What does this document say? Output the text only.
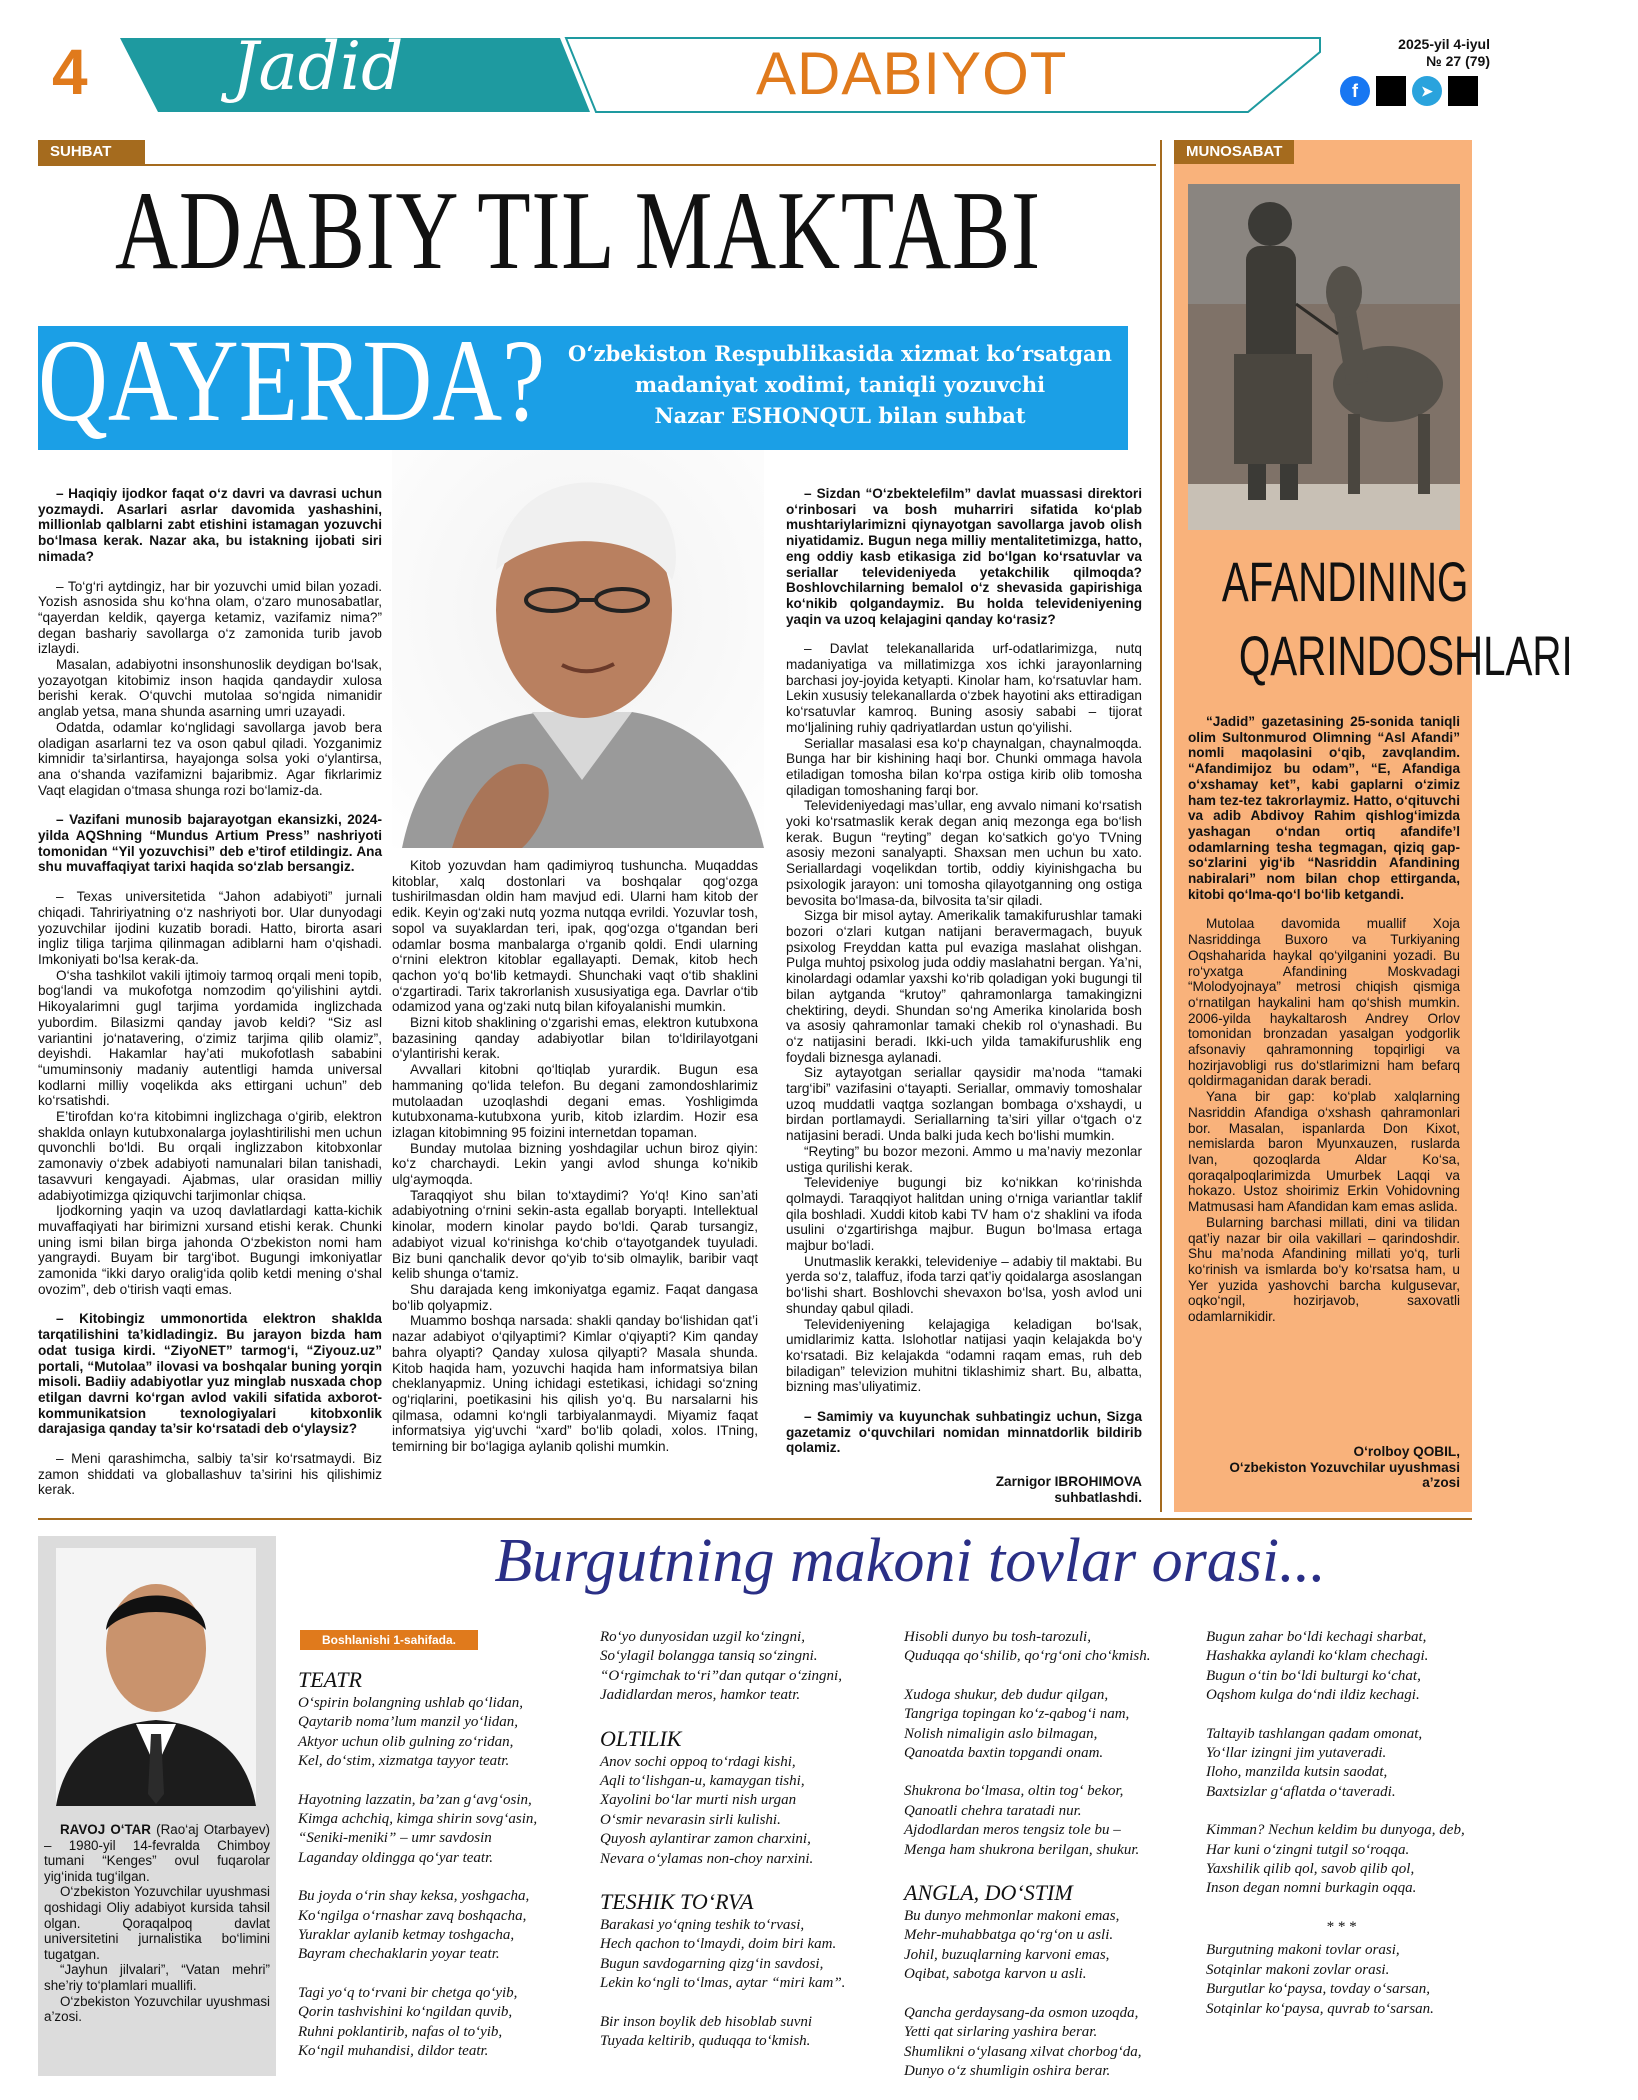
4 Jadid	ADABIYOT	2025-yil 4-iyul
№ 27 (79)
f	➤
SUHBAT
ADABIY TIL MAKTABI
QAYERDA?	O‘zbekiston Respublikasida xizmat ko‘rsatgan
madaniyat xodimi, taniqli yozuvchi
Nazar ESHONQUL bilan suhbat

– Haqiqiy ijodkor faqat o‘z davri va davrasi uchun yozmaydi. Asarlari asrlar davomida yashashini, millionlab qalblarni zabt etishini istamagan yozuvchi bo‘lmasa kerak. Nazar aka, bu istakning ijobati siri nimada?

– To‘g‘ri aytdingiz, har bir yozuvchi umid bilan yozadi. Yozish asnosida shu ko‘hna olam, o‘zaro munosabatlar, “qayerdan keldik, qayerga ketamiz, vazifamiz nima?” degan bashariy savollarga o‘z zamonida turib javob izlaydi.

Masalan, adabiyotni insonshunoslik deydigan bo‘lsak, yozayotgan kitobimiz inson haqida qandaydir xulosa berishi kerak. O‘quvchi mutolaa so‘ngida nimanidir anglab yetsa, mana shunda asarning umri uzayadi.

Odatda, odamlar ko‘nglidagi savollarga javob bera oladigan asarlarni tez va oson qabul qiladi. Yozganimiz kimnidir ta’sirlantirsa, hayajonga solsa yoki o‘ylantirsa, ana o‘shanda vazifamizni bajaribmiz. Agar fikrlarimiz Vaqt elagidan o‘tmasa shunga rozi bo‘lamiz-da.

– Vazifani munosib bajarayotgan ekansizki, 2024-yilda AQShning “Mundus Artium Press” nashriyoti tomonidan “Yil yozuvchisi” deb e’tirof etildingiz. Ana shu muvaffaqiyat tarixi haqida so‘zlab bersangiz.

– Texas universitetida “Jahon adabiyoti” jurnali chiqadi. Tahririyatning o‘z nashriyoti bor. Ular dunyodagi yozuvchilar ijodini kuzatib boradi. Hatto, birorta asari ingliz tiliga tarjima qilinmagan adiblarni ham o‘qishadi. Imkoniyati bo‘lsa kerak-da.

O‘sha tashkilot vakili ijtimoiy tarmoq orqali meni topib, bog‘landi va mukofotga nomzodim qo‘yilishini aytdi. Hikoyalarimni gugl tarjima yordamida inglizchada yubordim. Bilasizmi qanday javob keldi? “Siz asl variantini jo‘natavering, o‘zimiz tarjima qilib olamiz”, deyishdi. Hakamlar hay’ati mukofotlash sababini “umuminsoniy madaniy autentligi hamda universal kodlarni milliy voqelikda aks ettirgani uchun” deb ko‘rsatishdi.

E’tirofdan ko‘ra kitobimni inglizchaga o‘girib, elektron shaklda onlayn kutubxonalarga joylashtirilishi men uchun quvonchli bo‘ldi. Bu orqali inglizzabon kitobxonlar zamonaviy o‘zbek adabiyoti namunalari bilan tanishadi, tasavvuri kengayadi. Ajabmas, ular orasidan milliy adabiyotimizga qiziquvchi tarjimonlar chiqsa.

Ijodkorning yaqin va uzoq davlatlardagi katta-kichik muvaffaqiyati har birimizni xursand etishi kerak. Chunki uning ismi bilan birga jahonda O‘zbekiston nomi ham yangraydi. Buyam bir targ‘ibot. Bugungi imkoniyatlar zamonida “ikki daryo oralig‘ida qolib ketdi mening o‘shal ovozim”, deb o‘tirish vaqti emas.

– Kitobingiz ummonortida elektron shaklda tarqatilishini ta’kidladingiz. Bu jarayon bizda ham odat tusiga kirdi. “ZiyoNET” tarmog‘i, “Ziyouz.uz” portali, “Mutolaa” ilovasi va boshqalar buning yorqin misoli. Badiiy adabiyotlar yuz minglab nusxada chop etilgan davrni ko‘rgan avlod vakili sifatida axborot-kommunikatsion texnologiyalari kitobxonlik darajasiga qanday ta’sir ko‘rsatadi deb o‘ylaysiz?

– Meni qarashimcha, salbiy ta’sir ko‘rsatmaydi. Biz zamon shiddati va globallashuv ta’sirini his qilishimiz kerak.

Kitob yozuvdan ham qadimiyroq tushuncha. Muqaddas kitoblar, xalq dostonlari va boshqalar qog‘ozga tushirilmasdan oldin ham mavjud edi. Ularni ham kitob der edik. Keyin og‘zaki nutq yozma nutqqa evrildi. Yozuvlar tosh, sopol va suyaklardan teri, ipak, qog‘ozga o‘tgandan beri odamlar bosma manbalarga o‘rganib qoldi. Endi ularning o‘rnini elektron kitoblar egallayapti. Demak, kitob hech qachon yo‘q bo‘lib ketmaydi. Shunchaki vaqt o‘tib shaklini o‘zgartiradi. Tarix takrorlanish xususiyatiga ega. Davrlar o‘tib odamizod yana og‘zaki nutq bilan kifoyalanishi mumkin.

Bizni kitob shaklining o‘zgarishi emas, elektron kutubxona bazasining qanday adabiyotlar bilan to‘ldirilayotgani o‘ylantirishi kerak.

Avvallari kitobni qo‘ltiqlab yurardik. Bugun esa hammaning qo‘lida telefon. Bu degani zamondoshlarimiz mutolaadan uzoqlashdi degani emas. Yoshligimda kutubxonama-kutubxona yurib, kitob izlardim. Hozir esa izlagan kitobimning 95 foizini internetdan topaman.

Bunday mutolaa bizning yoshdagilar uchun biroz qiyin: ko‘z charchaydi. Lekin yangi avlod shunga ko‘nikib ulg‘aymoqda.

Taraqqiyot shu bilan to‘xtaydimi? Yo‘q! Kino san’ati adabiyotning o‘rnini sekin-asta egallab boryapti. Intellektual kinolar, modern kinolar paydo bo‘ldi. Qarab tursangiz, adabiyot vizual ko‘rinishga ko‘chib o‘tayotgandek tuyuladi. Biz buni qanchalik devor qo‘yib to‘sib olmaylik, baribir vaqt kelib shunga o‘tamiz.

Shu darajada keng imkoniyatga egamiz. Faqat dangasa bo‘lib qolyapmiz.

Muammo boshqa narsada: shakli qanday bo‘lishidan qat’i nazar adabiyot o‘qilyaptimi? Kimlar o‘qiyapti? Kim qanday bahra olyapti? Qanday xulosa qilyapti? Masala shunda. Kitob haqida ham, yozuvchi haqida ham informatsiya bilan cheklanyapmiz. Uning ichidagi estetikasi, ichidagi so‘zning og‘riqlarini, poetikasini his qilish yo‘q. Bu narsalarni his qilmasa, odamni ko‘ngli tarbiyalanmaydi. Miyamiz faqat informatsiya yig‘uvchi “xard” bo‘lib qoladi, xolos. ITning, temirning bir bo‘lagiga aylanib qolishi mumkin.

– Sizdan “O‘zbektelefilm” davlat muassasi direktori o‘rinbosari va bosh muharriri sifatida ko‘plab mushtariylarimizni qiynayotgan savollarga javob olish niyatidamiz. Bugun nega milliy mentalitetimizga, hatto, eng oddiy kasb etikasiga zid bo‘lgan ko‘rsatuvlar va seriallar televideniyeda yetakchilik qilmoqda? Boshlovchilarning bemalol o‘z shevasida gapirishiga ko‘nikib qolgandaymiz. Bu holda televideniyening yaqin va uzoq kelajagini qanday ko‘rasiz?

– Davlat telekanallarida urf-odatlarimizga, nutq madaniyatiga va millatimizga xos ichki jarayonlarning barchasi joy-joyida ketyapti. Kinolar ham, ko‘rsatuvlar ham. Lekin xususiy telekanallarda o‘zbek hayotini aks ettiradigan ko‘rsatuvlar kamroq. Buning asosiy sababi – tijorat mo‘ljalining ruhiy qadriyatlardan ustun qo‘yilishi.

Seriallar masalasi esa ko‘p chaynalgan, chaynalmoqda. Bunga har bir kishining haqi bor. Chunki ommaga havola etiladigan tomosha bilan ko‘rpa ostiga kirib olib tomosha qiladigan tomoshaning farqi bor.

Televideniyedagi mas’ullar, eng avvalo nimani ko‘rsatish yoki ko‘rsatmaslik kerak degan aniq mezonga ega bo‘lish kerak. Bugun “reyting” degan ko‘satkich go‘yo TVning asosiy mezoni sanalyapti. Shaxsan men uchun bu xato. Seriallardagi voqelikdan tortib, oddiy kiyinishgacha bu psixologik jarayon: uni tomosha qilayotganning ong ostiga bevosita bo‘lmasa-da, bilvosita ta’sir qiladi.

Sizga bir misol aytay. Amerikalik tamakifurushlar tamaki bozori o‘zlari kutgan natijani beravermagach, buyuk psixolog Freyddan katta pul evaziga maslahat olishgan. Pulga muhtoj psixolog juda oddiy maslahatni bergan. Ya’ni, kinolardagi odamlar yaxshi ko‘rib qoladigan yoki bugungi til bilan aytganda “krutoy” qahramonlarga tamakingizni chektiring, deydi. Shundan so‘ng Amerika kinolarida bosh va asosiy qahramonlar tamaki chekib rol o‘ynashadi. Bu o‘z natijasini beradi. Ikki-uch yilda tamakifurushlik eng foydali biznesga aylanadi.

Siz aytayotgan seriallar qaysidir ma’noda “tamaki targ‘ibi” vazifasini o‘tayapti. Seriallar, ommaviy tomoshalar uzoq muddatli vaqtga sozlangan bombaga o‘xshaydi, u birdan portlamaydi. Seriallarning ta’siri yillar o‘tgach o‘z natijasini beradi. Unda balki juda kech bo‘lishi mumkin.

“Reyting” bu bozor mezoni. Ammo u ma’naviy mezonlar ustiga qurilishi kerak.

Televideniye bugungi biz ko‘nikkan ko‘rinishda qolmaydi. Taraqqiyot halitdan uning o‘rniga variantlar taklif qila boshladi. Xuddi kitob kabi TV ham o‘z shaklini va ifoda usulini o‘zgartirishga majbur. Bugun bo‘lmasa ertaga majbur bo‘ladi.

Unutmaslik kerakki, televideniye – adabiy til maktabi. Bu yerda so‘z, talaffuz, ifoda tarzi qat’iy qoidalarga asoslangan bo‘lishi shart. Boshlovchi shevaxon bo‘lsa, yosh avlod uni shunday qabul qiladi.

Televideniyening kelajagiga keladigan bo‘lsak, umidlarimiz katta. Islohotlar natijasi yaqin kelajakda bo‘y ko‘rsatadi. Biz kelajakda “odamni raqam emas, ruh deb biladigan” televizion muhitni tiklashimiz shart. Bu, albatta, bizning mas’uliyatimiz.

– Samimiy va kuyunchak suhbatingiz uchun, Sizga gazetamiz o‘quvchilari nomidan minnatdorlik bildirib qolamiz.

Zarnigor IBROHIMOVA

suhbatlashdi.

MUNOSABAT
AFANDINING
QARINDOSHLARI

“Jadid” gazetasining 25-sonida taniqli olim Sultonmurod Olimning “Asl Afandi” nomli maqolasini o‘qib, zavqlandim. “Afandimijoz bu odam”, “E, Afandiga o‘xshamay ket”, kabi gaplarni o‘zimiz ham tez-tez takrorlaymiz. Hatto, o‘qituvchi va adib Abdivoy Rahim qishlog‘imizda yashagan o‘ndan ortiq afandife’l odamlarning tesha tegmagan, qiziq gap-so‘zlarini yig‘ib “Nasriddin Afandining nabiralari” nom bilan chop ettirganda, kitobi qo‘lma-qo‘l bo‘lib ketgandi.

Mutolaa davomida muallif Xoja Nasriddinga Buxoro va Turkiyaning Oqshaharida haykal qo‘yilganini yozadi. Bu ro‘yxatga Afandining Moskvadagi “Molodyojnaya” metrosi chiqish qismiga o‘rnatilgan haykalini ham qo‘shish mumkin. 2006-yilda haykaltarosh Andrey Orlov tomonidan bronzadan yasalgan yodgorlik afsonaviy qahramonning topqirligi va hozirjavobligi rus do‘stlarimizni ham befarq qoldirmaganidan darak beradi.

Yana bir gap: ko‘plab xalqlarning Nasriddin Afandiga o‘xshash qahramonlari bor. Masalan, ispanlarda Don Kixot, nemislarda baron Myunxauzen, ruslarda Ivan, qozoqlarda Aldar Ko‘sa, qoraqalpoqlarimizda Umurbek Laqqi va hokazo. Ustoz shoirimiz Erkin Vohidovning Matmusasi ham Afandidan kam emas aslida.

Bularning barchasi millati, dini va tilidan qat’iy nazar bir oila vakillari – qarindoshdir. Shu ma’noda Afandining millati yo‘q, turli ko‘rinish va ismlarda bo‘y ko‘rsatsa ham, u Yer yuzida yashovchi barcha kulgusevar, oqko‘ngil, hozirjavob, saxovatli odamlarnikidir.

O‘rolboy QOBIL,

O‘zbekiston Yozuvchilar uyushmasi

a’zosi

Burgutning makoni tovlar orasi...

RAVOJ O‘TAR (Rao‘aj Otarbayev) – 1980-yil 14-fevralda Chimboy tumani “Kenges” ovul fuqarolar yig‘inida tug‘ilgan.

O‘zbekiston Yozuvchilar uyushmasi qoshidagi Oliy adabiyot kursida tahsil olgan. Qoraqalpoq davlat universitetini jurnalistika bo‘limini tugatgan.

“Jayhun jilvalari”, “Vatan mehri” she’riy to‘plamlari muallifi.

O‘zbekiston Yozuvchilar uyushmasi a’zosi.

Boshlanishi 1-sahifada.
TEATR
O‘spirin bolangning ushlab qo‘lidan,
Qaytarib noma’lum manzil yo‘lidan,
Aktyor uchun olib gulning zo‘ridan,
Kel, do‘stim, xizmatga tayyor teatr.
Hayotning lazzatin, ba’zan g‘avg‘osin,
Kimga achchiq, kimga shirin sovg‘asin,
“Seniki-meniki” – umr savdosin
Laganday oldingga qo‘yar teatr.
Bu joyda o‘rin shay keksa, yoshgacha,
Ko‘ngilga o‘rnashar zavq boshqacha,
Yuraklar aylanib ketmay toshgacha,
Bayram chechaklarin yoyar teatr.
Tagi yo‘q to‘rvani bir chetga qo‘yib,
Qorin tashvishini ko‘ngildan quvib,
Ruhni poklantirib, nafas ol to‘yib,
Ko‘ngil muhandisi, dildor teatr.
Ro‘yo dunyosidan uzgil ko‘zingni,
So‘ylagil bolangga tansiq so‘zingni.
“O‘rgimchak to‘ri”dan qutqar o‘zingni,
Jadidlardan meros, hamkor teatr.
OLTILIK
Anov sochi oppoq to‘rdagi kishi,
Aqli to‘lishgan-u, kamaygan tishi,
Xayolini bo‘lar murti nish urgan
O‘smir nevarasin sirli kulishi.
Quyosh aylantirar zamon charxini,
Nevara o‘ylamas non-choy narxini.
TESHIK TO‘RVA
Barakasi yo‘qning teshik to‘rvasi,
Hech qachon to‘lmaydi, doim biri kam.
Bugun savdogarning qizg‘in savdosi,
Lekin ko‘ngli to‘lmas, aytar “miri kam”.
Bir inson boylik deb hisoblab suvni
Tuyada keltirib, quduqqa to‘kmish.
Hisobli dunyo bu tosh-tarozuli,
Quduqqa qo‘shilib, qo‘rg‘oni cho‘kmish.
Xudoga shukur, deb dudur qilgan,
Tangriga topingan ko‘z-qabog‘i nam,
Nolish nimaligin aslo bilmagan,
Qanoatda baxtin topgandi onam.
Shukrona bo‘lmasa, oltin tog‘ bekor,
Qanoatli chehra taratadi nur.
Ajdodlardan meros tengsiz tole bu –
Menga ham shukrona berilgan, shukur.
ANGLA, DO‘STIM
Bu dunyo mehmonlar makoni emas,
Mehr-muhabbatga qo‘rg‘on u asli.
Johil, buzuqlarning karvoni emas,
Oqibat, sabotga karvon u asli.
Qancha gerdaysang-da osmon uzoqda,
Yetti qat sirlaring yashira berar.
Shumlikni o‘ylasang xilvat chorbog‘da,
Dunyo o‘z shumligin oshira berar.
Bugun zahar bo‘ldi kechagi sharbat,
Hashakka aylandi ko‘klam chechagi.
Bugun o‘tin bo‘ldi bulturgi ko‘chat,
Oqshom kulga do‘ndi ildiz kechagi.
Taltayib tashlangan qadam omonat,
Yo‘llar izingni jim yutaveradi.
Iloho, manzilda kutsin saodat,
Baxtsizlar g‘aflatda o‘taveradi.
Kimman? Nechun keldim bu dunyoga, deb,
Har kuni o‘zingni tutgil so‘roqqa.
Yaxshilik qilib qol, savob qilib qol,
Inson degan nomni burkagin oqqa.
* * *
Burgutning makoni tovlar orasi,
Sotqinlar makoni zovlar orasi.
Burgutlar ko‘paysa, tovday o‘sarsan,
Sotqinlar ko‘paysa, quvrab to‘sarsan.
